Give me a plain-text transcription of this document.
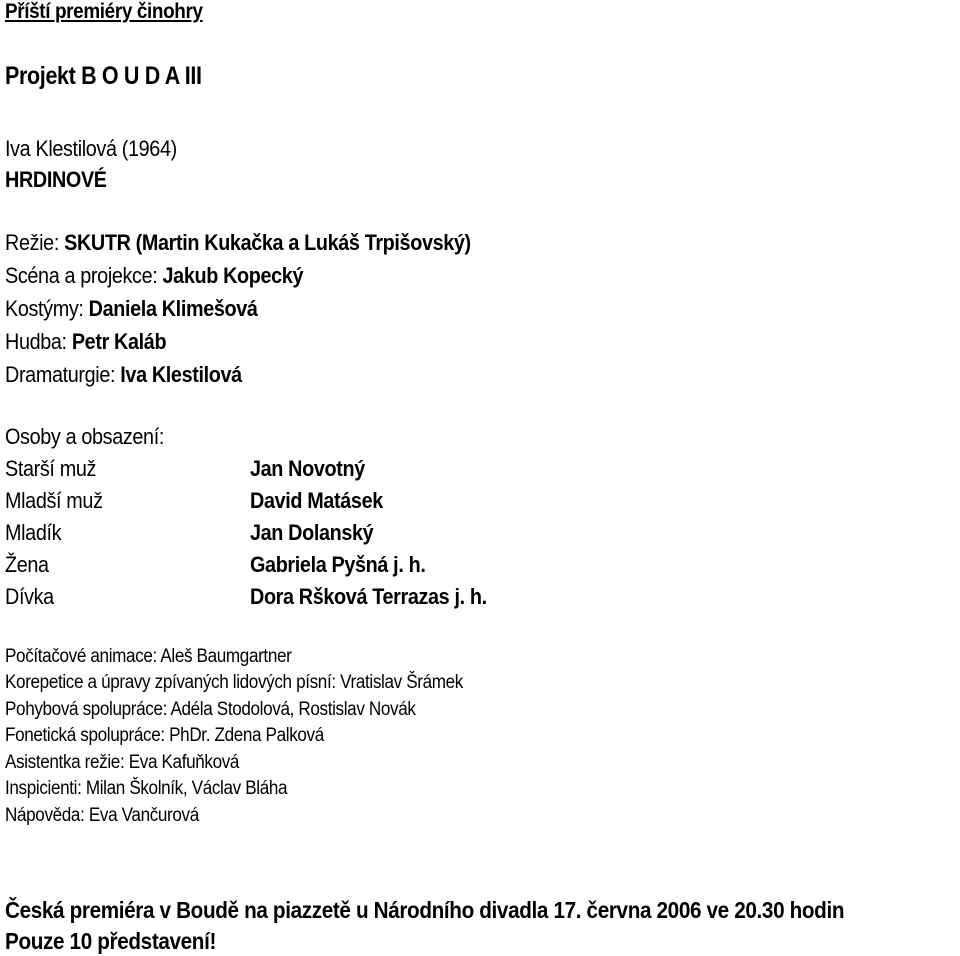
Příští premiéry činohry
Projekt B O U D A III
Iva Klestilová (1964)
HRDINOVÉ
Režie: SKUTR (Martin Kukačka a Lukáš Trpišovský)
Scéna a projekce: Jakub Kopecký
Kostýmy: Daniela Klimešová
Hudba: Petr Kaláb
Dramaturgie: Iva Klestilová
Osoby a obsazení:
Starší muž	Jan Novotný
Mladší muž	David Matásek
Mladík	Jan Dolanský
Žena	Gabriela Pyšná j. h.
Dívka	Dora Ršková Terrazas j. h.
Počítačové animace: Aleš Baumgartner
Korepetice a úpravy zpívaných lidových písní: Vratislav Šrámek
Pohybová spolupráce: Adéla Stodolová, Rostislav Novák
Fonetická spolupráce: PhDr. Zdena Palková
Asistentka režie: Eva Kafuňková
Inspicienti: Milan Školník, Václav Bláha
Nápověda: Eva Vančurová
Česká premiéra v Boudě na piazzetě u Národního divadla 17. června 2006 ve 20.30 hodin
Pouze 10 představení!
